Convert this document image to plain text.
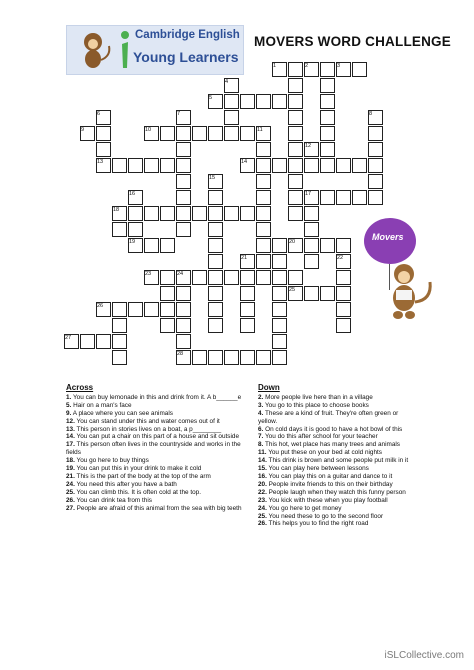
Cambridge English
Young Learners
MOVERS WORD CHALLENGE
1	2	3
4
5
6	7	8
9	10	11
12
13	14
15
16	17
18
19	20
21	22
23	24
25
26
27
28
Movers
Across
1. You can buy lemonade in this and drink from it. A b______e
5. Hair on a man's face
9. A place where you can see animals
12. You can stand under this and water comes out of it
13. This person in stories lives on a boat, a p________
14. You can put a chair on this part of a house and sit outside
17. This person often lives in the countryside and works in the fields
18. You go here to buy things
19. You can put this in your drink to make it cold
21. This is the part of the body at the top of the arm
24. You need this after you have a bath
25. You can climb this. It is often cold at the top.
26. You can drink tea from this
27. People are afraid of this animal from the sea with big teeth
Down
2. More people live here than in a village
3. You go to this place to choose books
4. These are a kind of fruit. They're often green or yellow.
6. On cold days it is good to have a hot bowl of this
7. You do this after school for your teacher
8. This hot, wet place has many trees and animals
11. You put these on your bed at cold nights
14. This drink is brown and some people put milk in it
15. You can play here between lessons
16. You can play this on a guitar and dance to it
20. People invite friends to this on their birthday
22. People laugh when they watch this funny person
23. You kick with these when you play football
24. You go here to get money
25. You need these to go to the second floor
26. This helps you to find the right road
iSLCollective.com
